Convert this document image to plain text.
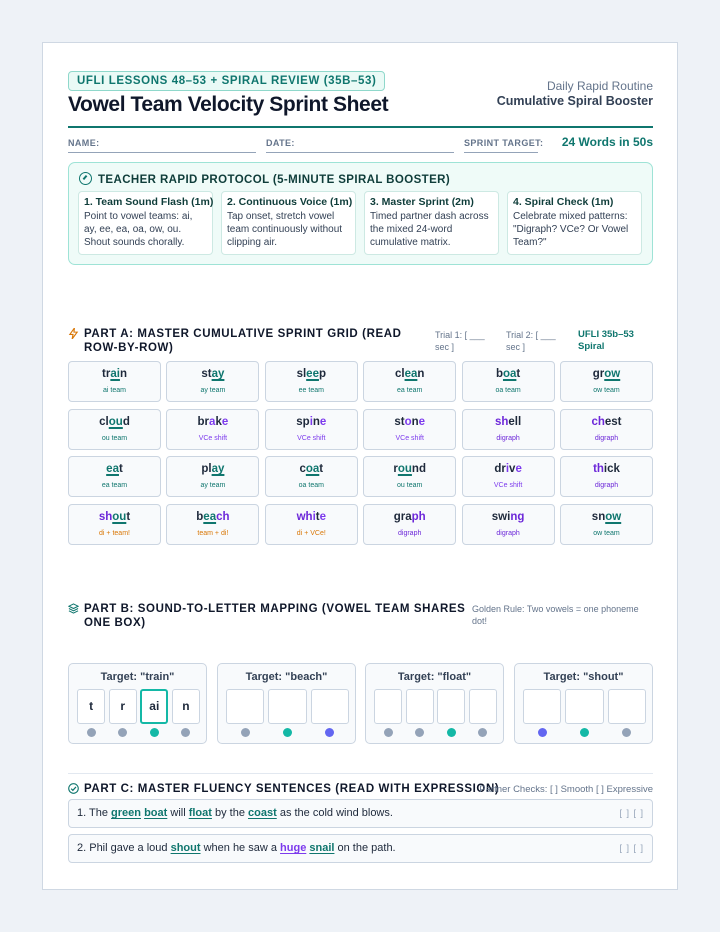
UFLI LESSONS 48–53 + SPIRAL REVIEW (35B–53)
Vowel Team Velocity Sprint Sheet
Daily Rapid Routine
Cumulative Spiral Booster
NAME:	DATE:	SPRINT TARGET: 24 Words in 50s
TEACHER RAPID PROTOCOL (5-MINUTE SPIRAL BOOSTER)
1. Team Sound Flash (1m)
Point to vowel teams: ai, ay, ee, ea, oa, ow, ou. Shout sounds chorally.
2. Continuous Voice (1m)
Tap onset, stretch vowel team continuously without clipping air.
3. Master Sprint (2m)
Timed partner dash across the mixed 24-word cumulative matrix.
4. Spiral Check (1m)
Celebrate mixed patterns: "Digraph? VCe? Or Vowel Team?"
PART A: MASTER CUMULATIVE SPRINT GRID (READ ROW-BY-ROW)
Trial 1: [ ___ sec ]
Trial 2: [ ___ sec ]
UFLI 35b–53 Spiral
train
ai team
stay
ay team
sleep
ee team
clean
ea team
boat
oa team
grow
ow team
cloud
ou team
brake
VCe shift
spine
VCe shift
stone
VCe shift
shell
digraph
chest
digraph
eat
ea team
play
ay team
coat
oa team
round
ou team
drive
VCe shift
thick
digraph
shout
di + team!
beach
team + di!
white
di + VCe!
graph
digraph
swing
digraph
snow
ow team
PART B: SOUND-TO-LETTER MAPPING (VOWEL TEAM SHARES ONE BOX)
Golden Rule: Two vowels = one phoneme dot!
Target: "train"
t	r	ai	n
Target: "beach"	Target: "float"	Target: "shout"
PART C: MASTER FLUENCY SENTENCES (READ WITH EXPRESSION)
Partner Checks: [ ] Smooth [ ] Expressive
1. The green boat will float by the coast as the cold wind blows.	[ ] [ ]
2. Phil gave a loud shout when he saw a huge snail on the path.	[ ] [ ]
